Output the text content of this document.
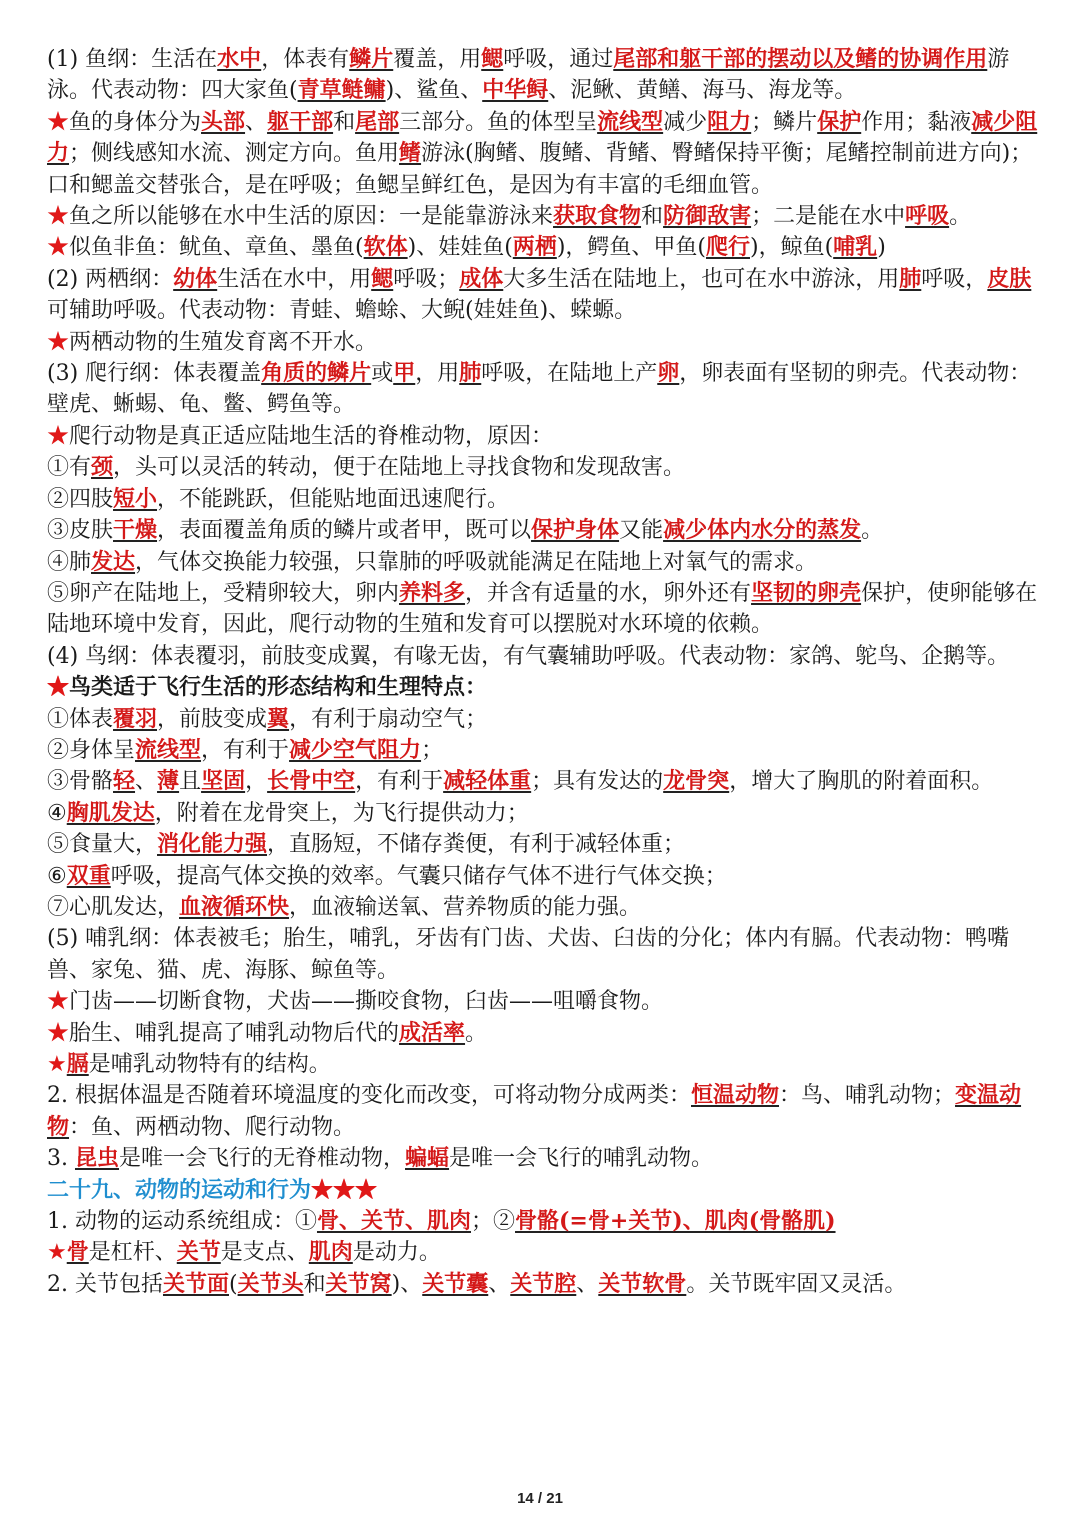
(1) 鱼纲：生活在水中，体表有鳞片覆盖，用鳃呼吸，通过尾部和躯干部的摆动以及鳍的协调作用游泳。代表动物：四大家鱼(青草鲢鳙)、鲨鱼、中华鲟、泥鳅、黄鳝、海马、海龙等。

★鱼的身体分为头部、躯干部和尾部三部分。鱼的体型呈流线型减少阻力；鳞片保护作用；黏液减少阻力；侧线感知水流、测定方向。鱼用鳍游泳(胸鳍、腹鳍、背鳍、臀鳍保持平衡；尾鳍控制前进方向)；口和鳃盖交替张合，是在呼吸；鱼鳃呈鲜红色，是因为有丰富的毛细血管。

★鱼之所以能够在水中生活的原因：一是能靠游泳来获取食物和防御敌害；二是能在水中呼吸。

★似鱼非鱼：鱿鱼、章鱼、墨鱼(软体)、娃娃鱼(两栖)，鳄鱼、甲鱼(爬行)，鲸鱼(哺乳)

(2) 两栖纲：幼体生活在水中，用鳃呼吸；成体大多生活在陆地上，也可在水中游泳，用肺呼吸，皮肤可辅助呼吸。代表动物：青蛙、蟾蜍、大鲵(娃娃鱼)、蝾螈。

★两栖动物的生殖发育离不开水。

(3) 爬行纲：体表覆盖角质的鳞片或甲，用肺呼吸，在陆地上产卵，卵表面有坚韧的卵壳。代表动物：壁虎、蜥蜴、龟、鳖、鳄鱼等。

★爬行动物是真正适应陆地生活的脊椎动物，原因：

①有颈，头可以灵活的转动，便于在陆地上寻找食物和发现敌害。

②四肢短小，不能跳跃，但能贴地面迅速爬行。

③皮肤干燥，表面覆盖角质的鳞片或者甲，既可以保护身体又能减少体内水分的蒸发。

④肺发达，气体交换能力较强，只靠肺的呼吸就能满足在陆地上对氧气的需求。

⑤卵产在陆地上，受精卵较大，卵内养料多，并含有适量的水，卵外还有坚韧的卵壳保护，使卵能够在陆地环境中发育，因此，爬行动物的生殖和发育可以摆脱对水环境的依赖。

(4) 鸟纲：体表覆羽，前肢变成翼，有喙无齿，有气囊辅助呼吸。代表动物：家鸽、鸵鸟、企鹅等。

★鸟类适于飞行生活的形态结构和生理特点：

①体表覆羽，前肢变成翼，有利于扇动空气；

②身体呈流线型，有利于减少空气阻力；

③骨骼轻、薄且坚固，长骨中空，有利于减轻体重；具有发达的龙骨突，增大了胸肌的附着面积。

④胸肌发达，附着在龙骨突上，为飞行提供动力；

⑤食量大，消化能力强，直肠短，不储存粪便，有利于减轻体重；

⑥双重呼吸，提高气体交换的效率。气囊只储存气体不进行气体交换；

⑦心肌发达，血液循环快，血液输送氧、营养物质的能力强。

(5) 哺乳纲：体表被毛；胎生，哺乳，牙齿有门齿、犬齿、臼齿的分化；体内有膈。代表动物：鸭嘴兽、家兔、猫、虎、海豚、鲸鱼等。

★门齿——切断食物，犬齿——撕咬食物，臼齿——咀嚼食物。

★胎生、哺乳提高了哺乳动物后代的成活率。

★膈是哺乳动物特有的结构。

2. 根据体温是否随着环境温度的变化而改变，可将动物分成两类：恒温动物：鸟、哺乳动物；变温动物：鱼、两栖动物、爬行动物。

3. 昆虫是唯一会飞行的无脊椎动物，蝙蝠是唯一会飞行的哺乳动物。

二十九、动物的运动和行为★★★

1. 动物的运动系统组成：①骨、关节、肌肉；②骨骼(=骨+关节)、肌肉(骨骼肌)

★骨是杠杆、关节是支点、肌肉是动力。

2. 关节包括关节面(关节头和关节窝)、关节囊、关节腔、关节软骨。关节既牢固又灵活。

14 / 21
